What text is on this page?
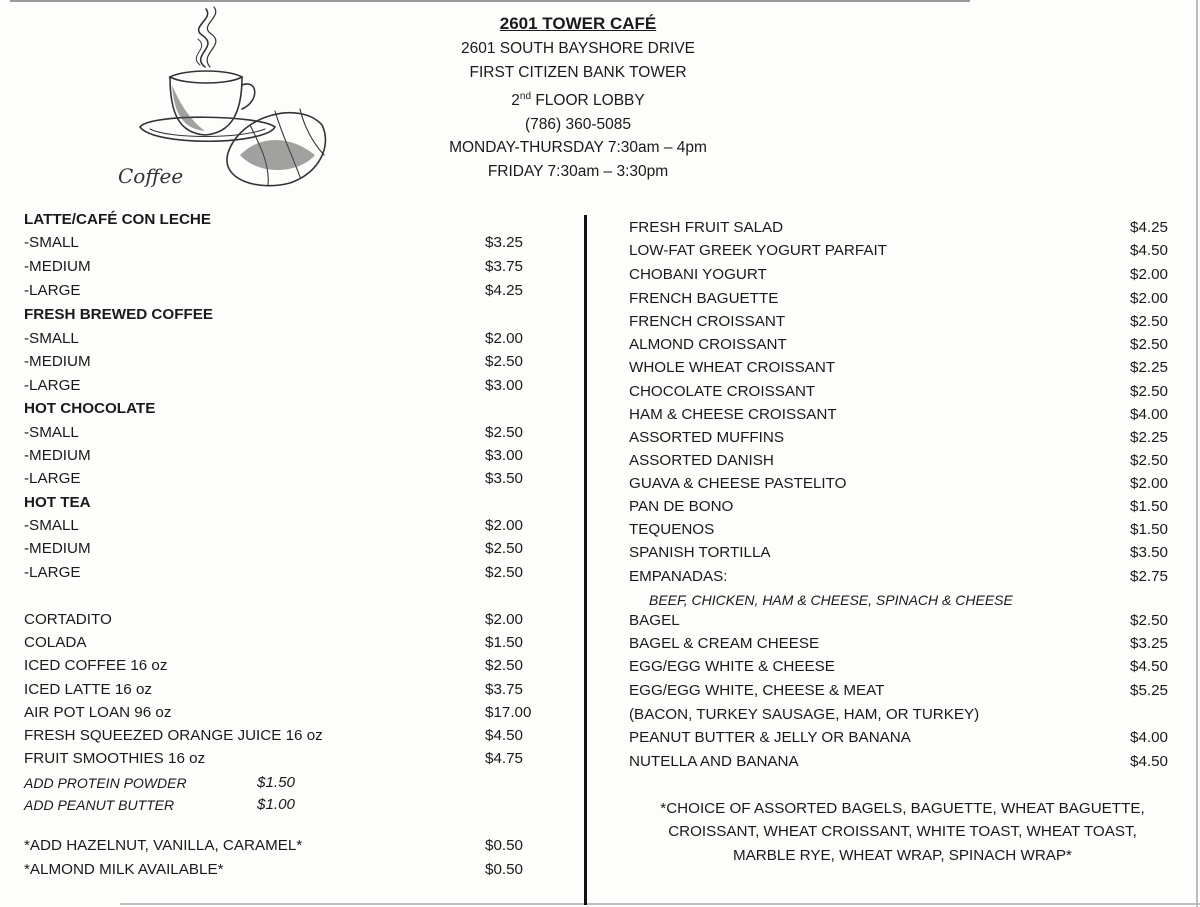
Coffee
2601 TOWER CAFÉ
2601 SOUTH BAYSHORE DRIVE
FIRST CITIZEN BANK TOWER
2nd FLOOR LOBBY
(786) 360-5085
MONDAY-THURSDAY 7:30am – 4pm
FRIDAY 7:30am – 3:30pm
LATTE/CAFÉ CON LECHE
-SMALL	$3.25
-MEDIUM	$3.75
-LARGE	$4.25
FRESH BREWED COFFEE
-SMALL	$2.00
-MEDIUM	$2.50
-LARGE	$3.00
HOT CHOCOLATE
-SMALL	$2.50
-MEDIUM	$3.00
-LARGE	$3.50
HOT TEA
-SMALL	$2.00
-MEDIUM	$2.50
-LARGE	$2.50
CORTADITO	$2.00
COLADA	$1.50
ICED COFFEE 16 oz	$2.50
ICED LATTE 16 oz	$3.75
AIR POT LOAN 96 oz	$17.00
FRESH SQUEEZED ORANGE JUICE 16 oz	$4.50
FRUIT SMOOTHIES 16 oz	$4.75
ADD PROTEIN POWDER	$1.50
ADD PEANUT BUTTER	$1.00
*ADD HAZELNUT, VANILLA, CARAMEL*	$0.50
*ALMOND MILK AVAILABLE*	$0.50
FRESH FRUIT SALAD	$4.25
LOW-FAT GREEK YOGURT PARFAIT	$4.50
CHOBANI YOGURT	$2.00
FRENCH BAGUETTE	$2.00
FRENCH CROISSANT	$2.50
ALMOND CROISSANT	$2.50
WHOLE WHEAT CROISSANT	$2.25
CHOCOLATE CROISSANT	$2.50
HAM & CHEESE CROISSANT	$4.00
ASSORTED MUFFINS	$2.25
ASSORTED DANISH	$2.50
GUAVA & CHEESE PASTELITO	$2.00
PAN DE BONO	$1.50
TEQUENOS	$1.50
SPANISH TORTILLA	$3.50
EMPANADAS:	$2.75
BEEF, CHICKEN, HAM & CHEESE, SPINACH & CHEESE
BAGEL	$2.50
BAGEL & CREAM CHEESE	$3.25
EGG/EGG WHITE & CHEESE	$4.50
EGG/EGG WHITE, CHEESE & MEAT	$5.25
(BACON, TURKEY SAUSAGE, HAM, OR TURKEY)
PEANUT BUTTER & JELLY OR BANANA	$4.00
NUTELLA AND BANANA	$4.50
*CHOICE OF ASSORTED BAGELS, BAGUETTE, WHEAT BAGUETTE,
CROISSANT, WHEAT CROISSANT, WHITE TOAST, WHEAT TOAST,
MARBLE RYE, WHEAT WRAP, SPINACH WRAP*
